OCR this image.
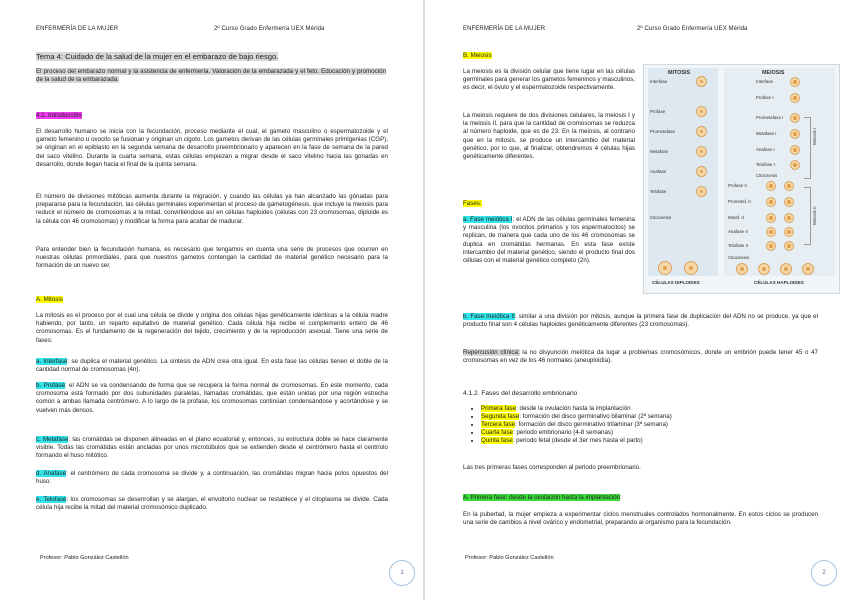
ENFERMERÍA DE LA MUJER	2º Curso Grado Enfermería UEX Mérida
Tema 4: Cuidado de la salud de la mujer en el embarazo de bajo riesgo.
El proceso del embarazo normal y la asistencia de enfermería. Valoración de la embarazada y el feto. Educación y promoción de la salud de la embarazada.
4.1. Introducción
El desarrollo humano se inicia con la fecundación, proceso mediante el cual, el gameto masculino o espermatozoide y el gameto femenino u ovocito se fusionan y originan un cigoto. Los gametos derivan de las células germinales primigenias (CGP), se originan en el epiblasto en la segunda semana de desarrollo preembrionario y aparecen en la fase de semana de la pared del saco vitelino. Durante la cuarta semana, estas células empiezan a migrar desde el saco vitelino hacia las gónadas en desarrollo, donde llegan hacia el final de la quinta semana.
El número de divisiones mitóticas aumenta durante la migración, y cuando las células ya han alcanzado las gónadas para prepararse para la fecundación, las células germinales experimentan el proceso de gametogénesis, que incluye la meiosis para reducir el número de cromosomas a la mitad, convirtiéndose así en células haploides (células con 23 cromosomas, diploide es la célula con 46 cromosomas) y modificar la forma para acabar de madurar.
Para entender bien la fecundación humana, es necesario que tengamos en cuenta una serie de procesos que ocurren en nuestras células primordiales, para que nuestros gametos contengan la cantidad de material genético necesario para la formación de un nuevo ser.
A. Mitosis
La mitosis es el proceso por el cual una célula se divide y origina dos células hijas genéticamente idénticas a la célula madre habiendo, por tanto, un reparto equitativo de material genético. Cada célula hija recibe el complemento entero de 46 cromosomas. Es el fundamento de la regeneración del tejido, crecimiento y de la reproducción asexual. Tiene una serie de fases:
a. Interfase: se duplica el material genético. La síntesis de ADN crea otra igual. En esta fase las células tienen el doble de la cantidad normal de cromosomas (4n).
b. Profase: el ADN se va condensando de forma que se recupera la forma normal de cromosomas. En este momento, cada cromosoma está formado por dos subunidades paralelas, llamadas cromátidas, que están unidas por una región estrecha común a ambas llamada centrómero. A lo largo de la profase, los cromosomas continúan condensándose y acortándose y se vuelven más densos.
c. Metafase: las cromátidas se disponen alineadas en el plano ecuatorial y, entonces, su estructura doble se hace claramente visible. Todas las cromátidas están ancladas por unos microtúbulos que se extienden desde el centrómero hasta el centríolo formando el huso mitótico.
d. Anafase: el centrómero de cada cromosoma se divide y, a continuación, las cromátidas migran hacia polos opuestos del huso.
e. Telofase: los cromosomas se desenrollan y se alargan, el envoltorio nuclear se restablece y el citoplasma se divide. Cada célula hija recibe la mitad del material cromosómico duplicado.
Profesor: Pablo González Castellón
1
ENFERMERÍA DE LA MUJER	2º Curso Grado Enfermería UEX Mérida
B. Meiosis
La meiosis es la división celular que tiene lugar en las células germinales para generar los gametos femeninos y masculinos, es decir, el óvulo y el espermatozoide respectivamente.
La meiosis requiere de dos divisiones celulares, la meiosis I y la meiosis II, para que la cantidad de cromosomas se reduzca al número haploide, que es de 23. En la meiosis, al contrario que en la mitosis, se produce un intercambio del material genético, por lo que, al finalizar, obtendremos 4 células hijas genéticamente diferentes.
Fases:
a. Fase meiótica I: el ADN de las células germinales femenina y masculina (los ovocitos primarios y los espermatocitos) se replican, de manera que cada uno de los 46 cromosomas se duplica en cromátidas hermanas. En esta fase existe intercambio del material genético, siendo el producto final dos células con el material genético completo (2n).
MITOSIS	MEIOSIS
Interfase
Profase
Prometafase
Metafase
Anafase
Telofase
Citocinesis
Interfase
Profase I
Prometafase I
Metafase I
Anafase I
Telofase I
Citocinesis
Profase II
Prometaf. II
Metaf. II
Anafase II
Telofase II
Citocinesis
Meiosis I
Meiosis II
CÉLULAS DIPLOIDES	CÉLULAS HAPLOIDES
b. Fase meiótica II: similar a una división por mitosis, aunque la primera fase de duplicación del ADN no se produce, ya que el producto final son 4 células haploides genéticamente diferentes (23 cromosomas).
Repercusión clínica: la no disyunción meiótica da lugar a problemas cromosómicos, donde un embrión puede tener 45 o 47 cromosomas en vez de los 46 normales (aneuploidía).
4.1.2. Fases del desarrollo embrionario
• Primera fase: desde la ovulación hasta la implantación
• Segunda fase: formación del disco germinativo bilaminar (2ª semana)
• Tercera fase: formación del disco germinativo trilaminar (3ª semana)
• Cuarta fase: periodo embrionario (4-8 semanas)
• Quinta fase: periodo fetal (desde el 3er mes hasta el parto)
Las tres primeras fases corresponden al periodo preembrionario.
A. Primera fase: desde la ovulación hasta la implantación:
En la pubertad, la mujer empieza a experimentar ciclos menstruales controlados hormonalmente. En estos ciclos se producen una serie de cambios a nivel ovárico y endometrial, preparando al organismo para la fecundación.
Profesor: Pablo González Castellón
2
